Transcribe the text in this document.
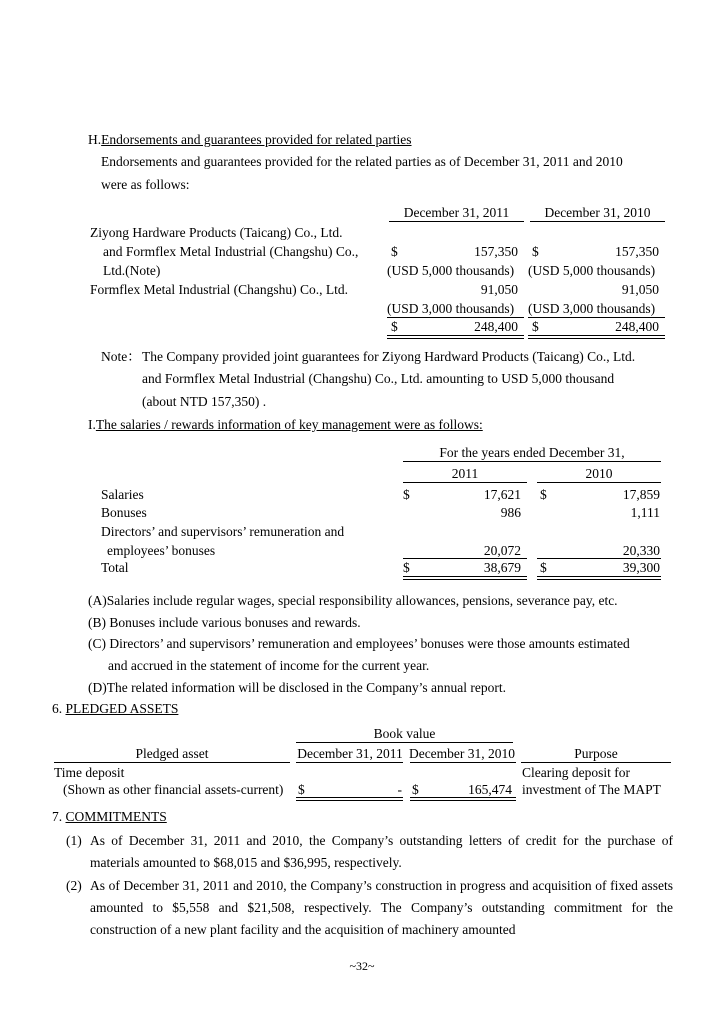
H.Endorsements and guarantees provided for related parties
Endorsements and guarantees provided for the related parties as of December 31, 2011 and 2010
were as follows:
December 31, 2011	December 31, 2010
Ziyong Hardware Products (Taicang) Co., Ltd.
and Formflex Metal Industrial (Changshu) Co., $	157,350 $	157,350
Ltd.(Note)	(USD 5,000 thousands) (USD 5,000 thousands)
Formflex Metal Industrial (Changshu) Co., Ltd.	91,050	91,050
(USD 3,000 thousands) (USD 3,000 thousands)
$	248,400 $	248,400
Note： The Company provided joint guarantees for Ziyong Hardward Products (Taicang) Co., Ltd.
and Formflex Metal Industrial (Changshu) Co., Ltd. amounting to USD 5,000 thousand
(about NTD 157,350) .
I.The salaries / rewards information of key management were as follows:
For the years ended December 31,
2011	2010
Salaries	$	17,621 $	17,859
Bonuses	986	1,111
Directors’ and supervisors’ remuneration and
employees’ bonuses	20,072	20,330
Total	$	38,679 $	39,300
(A)Salaries include regular wages, special responsibility allowances, pensions, severance pay, etc.
(B) Bonuses include various bonuses and rewards.
(C) Directors’ and supervisors’ remuneration and employees’ bonuses were those amounts estimated
and accrued in the statement of income for the current year.
(D)The related information will be disclosed in the Company’s annual report.
6. PLEDGED ASSETS
Book value
Pledged asset	December 31, 2011 December 31, 2010	Purpose
Time deposit
(Shown as other financial assets-current) $	- $	165,474
Clearing deposit for
investment of The MAPT
7. COMMITMENTS
(1) As of December 31, 2011 and 2010, the Company’s outstanding letters of credit for the purchase of materials amounted to $68,015 and $36,995, respectively.
(2) As of December 31, 2011 and 2010, the Company’s construction in progress and acquisition of fixed assets amounted to $5,558 and $21,508, respectively. The Company’s outstanding commitment for the construction of a new plant facility and the acquisition of machinery amounted
~32~
